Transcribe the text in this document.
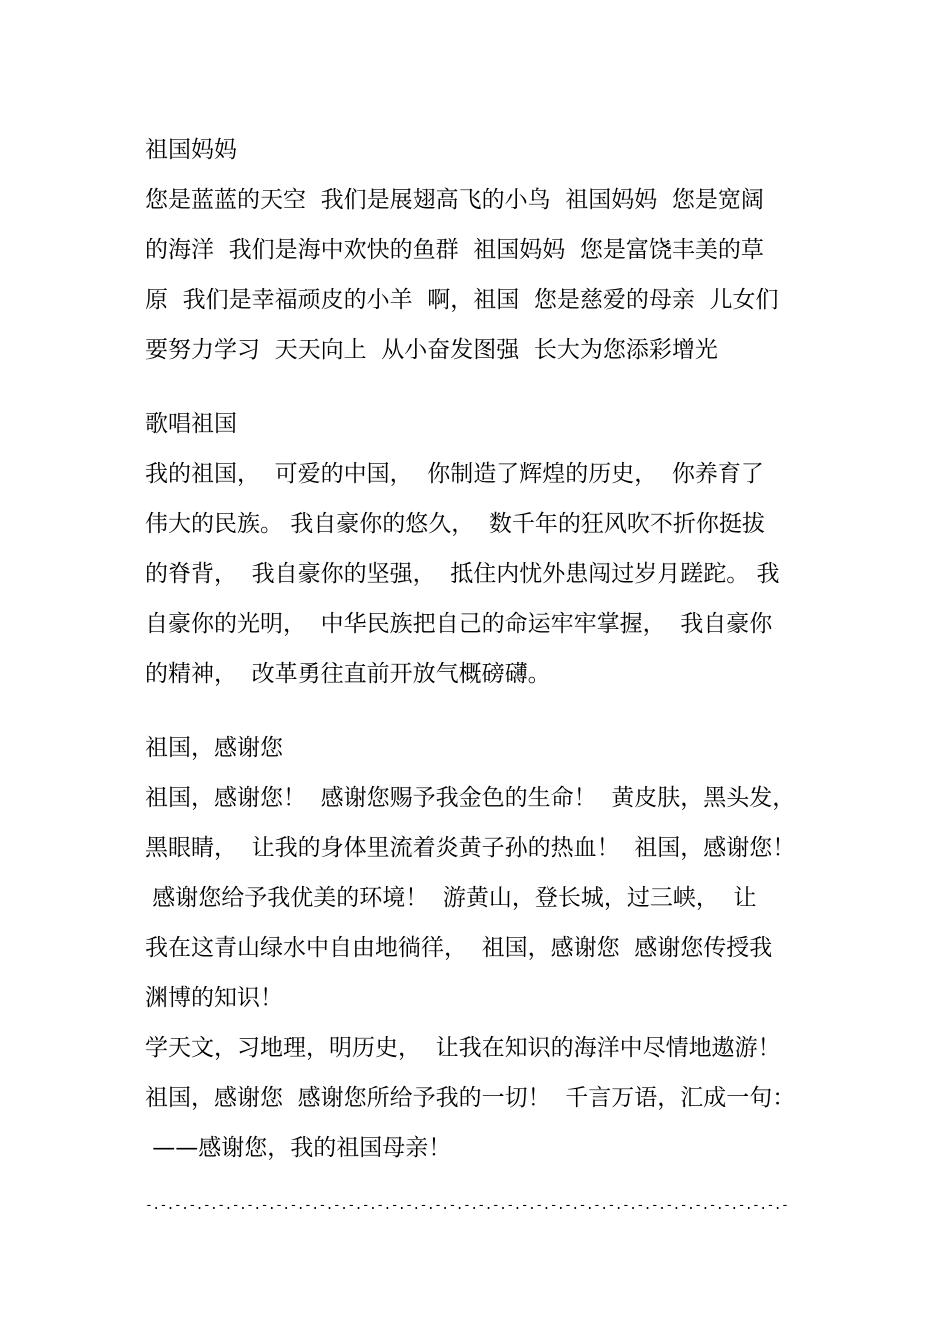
祖国妈妈
您是蓝蓝的天空  我们是展翅高飞的小鸟  祖国妈妈  您是宽阔
的海洋  我们是海中欢快的鱼群  祖国妈妈  您是富饶丰美的草
原  我们是幸福顽皮的小羊  啊，祖国  您是慈爱的母亲  儿女们
要努力学习  天天向上  从小奋发图强  长大为您添彩增光
歌唱祖国
我的祖国，  可爱的中国，  你制造了辉煌的历史，  你养育了
伟大的民族。 我自豪你的悠久，  数千年的狂风吹不折你挺拔
的脊背，  我自豪你的坚强，  抵住内忧外患闯过岁月蹉跎。 我
自豪你的光明，  中华民族把自己的命运牢牢掌握，  我自豪你
的精神，  改革勇往直前开放气概磅礴。
祖国，感谢您
祖国，感谢您！  感谢您赐予我金色的生命！  黄皮肤，黑头发，
黑眼睛，  让我的身体里流着炎黄子孙的热血！  祖国，感谢您！
感谢您给予我优美的环境！  游黄山，登长城，过三峡，  让
我在这青山绿水中自由地徜徉，  祖国，感谢您  感谢您传授我
渊博的知识！
学天文，习地理，明历史，  让我在知识的海洋中尽情地遨游！
祖国，感谢您  感谢您所给予我的一切！  千言万语，汇成一句：
——感谢您，我的祖国母亲！
-.-.-.-.-.-.-.-.-.-.-.-.-.-.-.-.-.-.-.-.-.-.-.-.-.-.-.-.-.-.-.-.-.-.-.-.-.-.-.-.-.-.-.-.-
